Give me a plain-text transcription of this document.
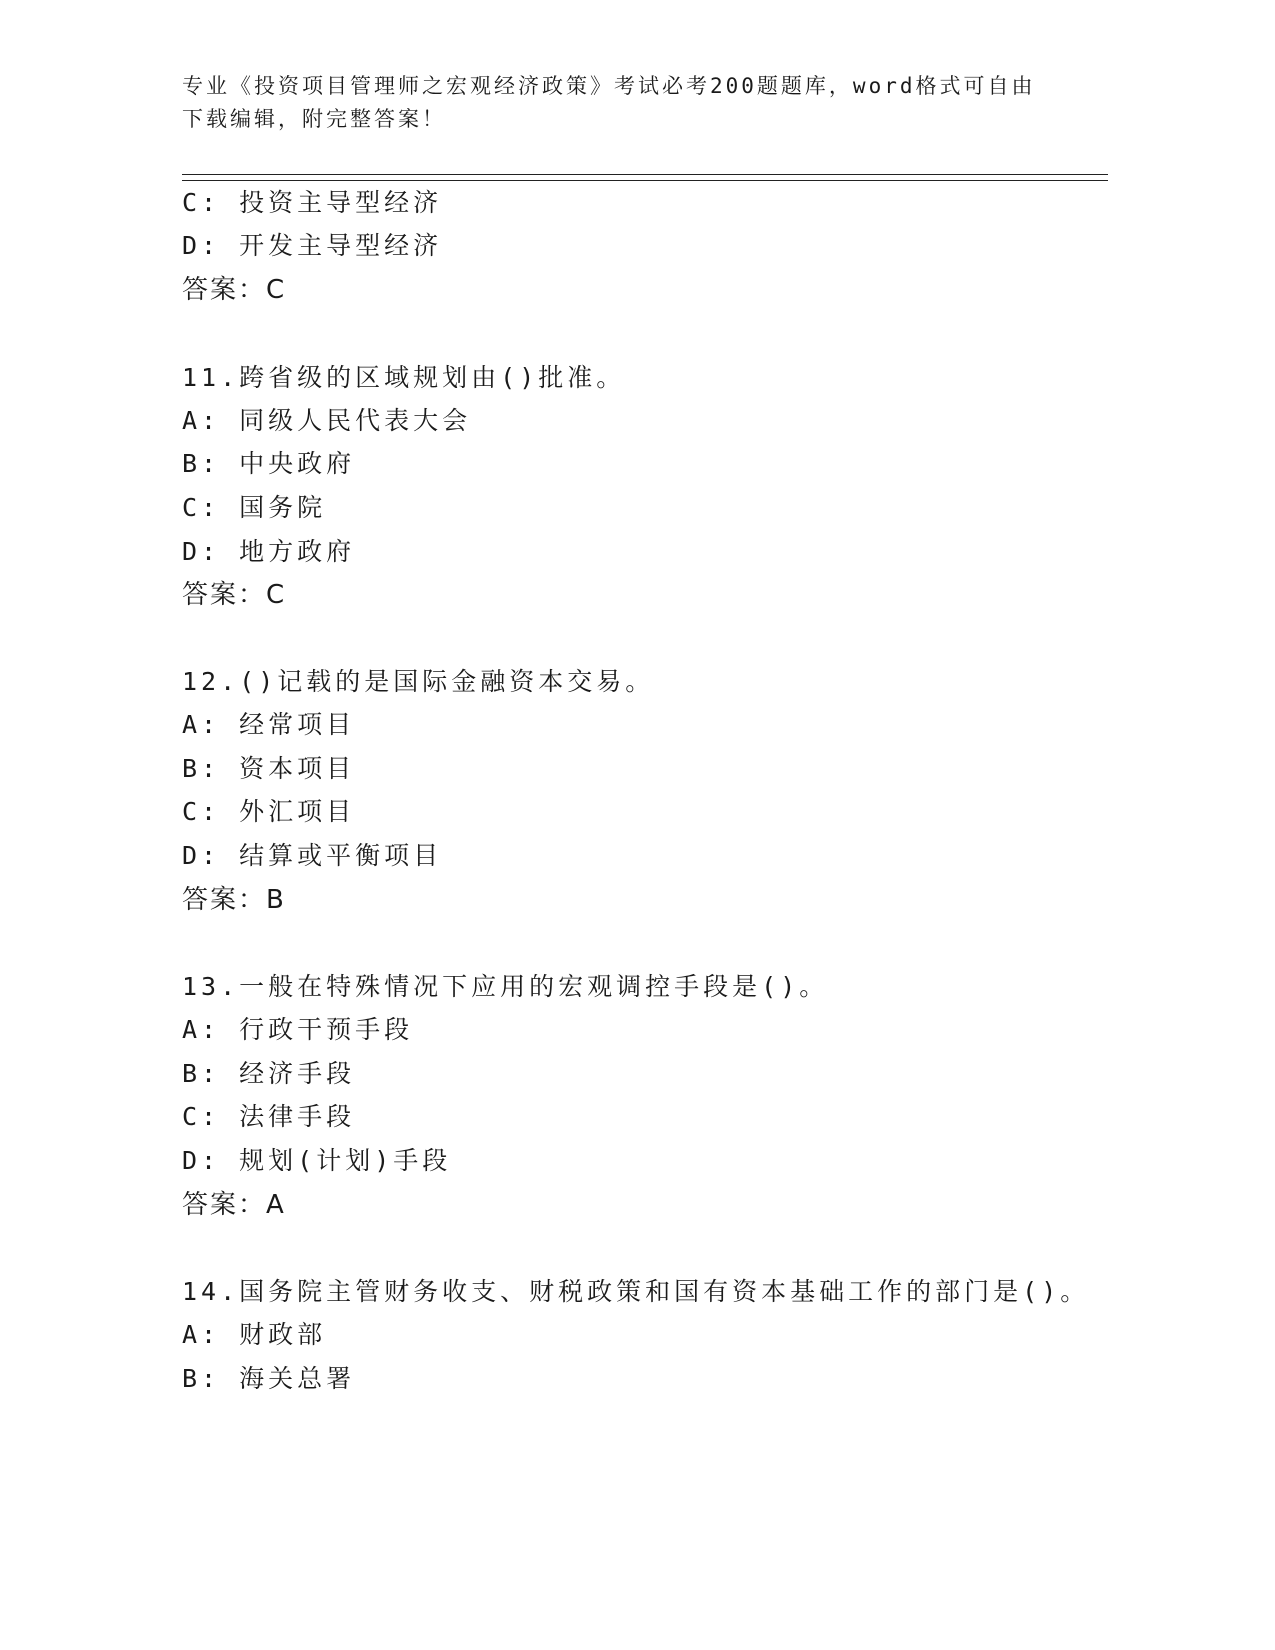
专业《投资项目管理师之宏观经济政策》考试必考200题题库，word格式可自由
下载编辑，附完整答案！
C: 投资主导型经济
D: 开发主导型经济
答案：C
11.跨省级的区域规划由()批准。
A: 同级人民代表大会
B: 中央政府
C: 国务院
D: 地方政府
答案：C
12.()记载的是国际金融资本交易。
A: 经常项目
B: 资本项目
C: 外汇项目
D: 结算或平衡项目
答案：B
13.一般在特殊情况下应用的宏观调控手段是()。
A: 行政干预手段
B: 经济手段
C: 法律手段
D: 规划(计划)手段
答案：A
14.国务院主管财务收支、财税政策和国有资本基础工作的部门是()。
A: 财政部
B: 海关总署
